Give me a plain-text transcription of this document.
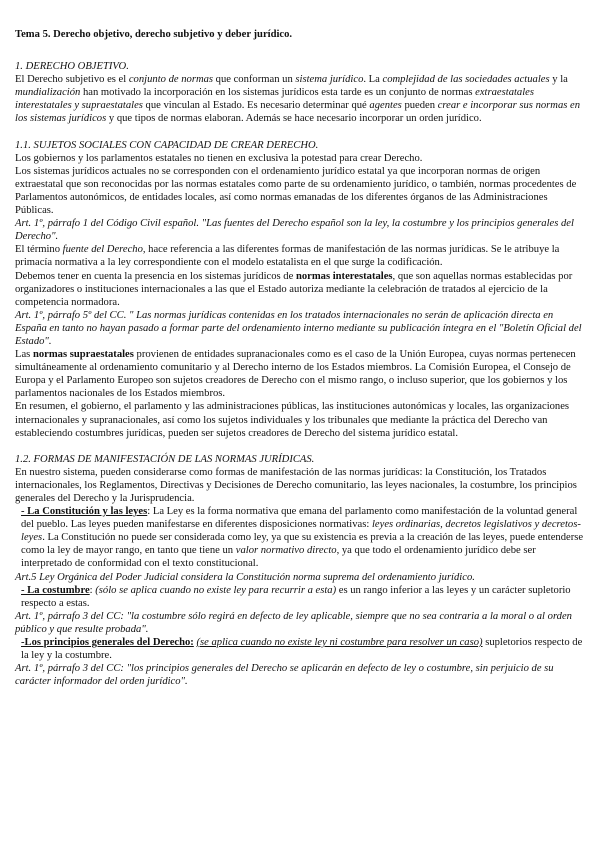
Tema 5. Derecho objetivo, derecho subjetivo y deber jurídico.
1. DERECHO OBJETIVO.

El Derecho subjetivo es el conjunto de normas que conforman un sistema jurídico. La complejidad de las sociedades actuales y la mundialización han motivado la incorporación en los sistemas jurídicos esta tarde es un conjunto de normas extraestatales interestatales y supraestatales que vinculan al Estado. Es necesario determinar qué agentes pueden crear e incorporar sus normas en los sistemas jurídicos y que tipos de normas elaboran. Además se hace necesario incorporar un orden jurídico.

1.1. SUJETOS SOCIALES CON CAPACIDAD DE CREAR DERECHO.

Los gobiernos y los parlamentos estatales no tienen en exclusiva la potestad para crear Derecho.

Los sistemas jurídicos actuales no se corresponden con el ordenamiento jurídico estatal ya que incorporan normas de origen extraestatal que son reconocidas por las normas estatales como parte de su ordenamiento jurídico, o también, normas procedentes de Parlamentos autonómicos, de entidades locales, así como normas emanadas de los diferentes órganos de las Administraciones Públicas.

Art. 1º, párrafo 1 del Código Civil español. "Las fuentes del Derecho español son la ley, la costumbre y los principios generales del Derecho".

El término fuente del Derecho, hace referencia a las diferentes formas de manifestación de las normas jurídicas. Se le atribuye la primacía normativa a la ley correspondiente con el modelo estatalista en el que surge la codificación.

Debemos tener en cuenta la presencia en los sistemas jurídicos de normas interestatales, que son aquellas normas establecidas por organizadores o instituciones internacionales a las que el Estado autoriza mediante la celebración de tratados al ejercicio de la competencia normadora.

Art. 1º, párrafo 5º del CC. " Las normas jurídicas contenidas en los tratados internacionales no serán de aplicación directa en España en tanto no hayan pasado a formar parte del ordenamiento interno mediante su publicación íntegra en el "Boletín Oficial del Estado".

Las normas supraestatales provienen de entidades supranacionales como es el caso de la Unión Europea, cuyas normas pertenecen simultáneamente al ordenamiento comunitario y al Derecho interno de los Estados miembros. La Comisión Europea, el Consejo de Europa y el Parlamento Europeo son sujetos creadores de Derecho con el mismo rango, o incluso superior, que los gobiernos y los parlamentos nacionales de los Estados miembros.

En resumen, el gobierno, el parlamento y las administraciones públicas, las instituciones autonómicas y locales, las organizaciones internacionales y supranacionales, así como los sujetos individuales y los tribunales que mediante la práctica del Derecho van estableciendo costumbres jurídicas, pueden ser sujetos creadores de Derecho del sistema jurídico estatal.

1.2. FORMAS DE MANIFESTACIÓN DE LAS NORMAS JURÍDICAS.

En nuestro sistema, pueden considerarse como formas de manifestación de las normas jurídicas: la Constitución, los Tratados internacionales, los Reglamentos, Directivas y Decisiones de Derecho comunitario, las leyes nacionales, la costumbre, los principios generales del Derecho y la Jurisprudencia.

- La Constitución y las leyes: La Ley es la forma normativa que emana del parlamento como manifestación de la voluntad general del pueblo. Las leyes pueden manifestarse en diferentes disposiciones normativas: leyes ordinarias, decretos legislativos y decretos-leyes. La Constitución no puede ser considerada como ley, ya que su existencia es previa a la creación de las leyes, puede entenderse como la ley de mayor rango, en tanto que tiene un valor normativo directo, ya que todo el ordenamiento jurídico debe ser interpretado de conformidad con el texto constitucional.

Art.5 Ley Orgánica del Poder Judicial considera la Constitución norma suprema del ordenamiento jurídico.

- La costumbre: (sólo se aplica cuando no existe ley para recurrir a esta) es un rango inferior a las leyes y un carácter supletorio respecto a estas.

Art. 1º, párrafo 3 del CC: "la costumbre sólo regirá en defecto de ley aplicable, siempre que no sea contraria a la moral o al orden público y que resulte probada".

-Los principios generales del Derecho: (se aplica cuando no existe ley ni costumbre para resolver un caso) supletorios respecto de la ley y la costumbre.

Art. 1º, párrafo 3 del CC: "los principios generales del Derecho se aplicarán en defecto de ley o costumbre, sin perjuicio de su carácter informador del orden jurídico".
